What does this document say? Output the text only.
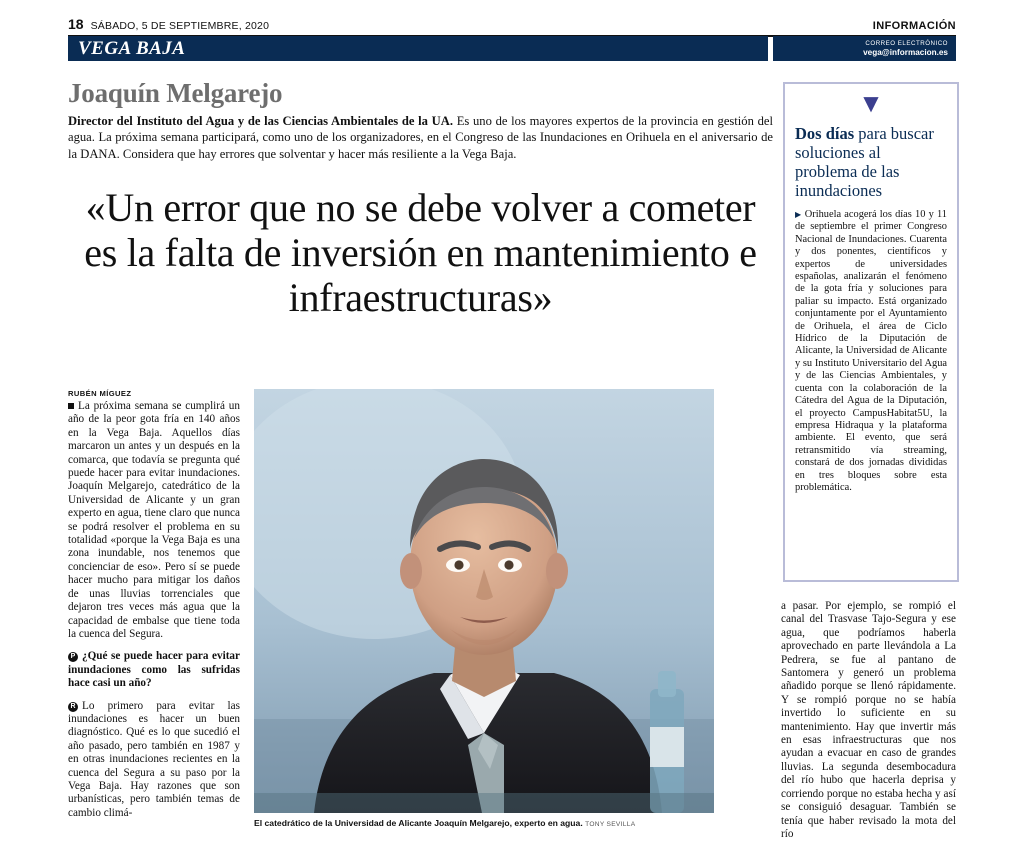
18 SÁBADO, 5 DE SEPTIEMBRE, 2020	INFORMACIÓN
VEGA BAJA	CORREO ELECTRÓNICO
vega@informacion.es
Joaquín Melgarejo
Director del Instituto del Agua y de las Ciencias Ambientales de la UA. Es uno de los mayores expertos de la provincia en gestión del agua. La próxima semana participará, como uno de los organizadores, en el Congreso de las Inundaciones en Orihuela en el aniversario de la DANA. Considera que hay errores que solventar y hacer más resiliente a la Vega Baja.
«Un error que no se debe volver a cometer es la falta de inversión en mantenimiento e infraestructuras»
RUBÉN MÍGUEZ

La próxima semana se cumplirá un año de la peor gota fría en 140 años en la Vega Baja. Aquellos días marcaron un antes y un después en la comarca, que todavía se pregunta qué puede hacer para evitar inundaciones. Joaquín Melgarejo, catedrático de la Universidad de Alicante y un gran experto en agua, tiene claro que nunca se podrá resolver el problema en su totalidad «porque la Vega Baja es una zona inundable, nos tenemos que concienciar de eso». Pero sí se puede hacer mucho para mitigar los daños de unas lluvias torrenciales que dejaron tres veces más agua que la capacidad de embalse que tiene toda la cuenca del Segura.

P ¿Qué se puede hacer para evitar inundaciones como las sufridas hace casi un año?

R Lo primero para evitar las inundaciones es hacer un buen diagnóstico. Qué es lo que sucedió el año pasado, pero también en 1987 y en otras inundaciones recientes en la cuenca del Segura a su paso por la Vega Baja. Hay razones que son urbanísticas, pero también temas de cambio climá-

El catedrático de la Universidad de Alicante Joaquín Melgarejo, experto en agua. TONY SEVILLA
▼
Dos días para buscar soluciones al problema de las inundaciones
▶ Orihuela acogerá los días 10 y 11 de septiembre el primer Congreso Nacional de Inundaciones. Cuarenta y dos ponentes, científicos y expertos de universidades españolas, analizarán el fenómeno de la gota fría y soluciones para paliar su impacto. Está organizado conjuntamente por el Ayuntamiento de Orihuela, el área de Ciclo Hídrico de la Diputación de Alicante, la Universidad de Alicante y su Instituto Universitario del Agua y de las Ciencias Ambientales, y cuenta con la colaboración de la Cátedra del Agua de la Diputación, el proyecto CampusHabitat5U, la empresa Hidraqua y la plataforma ambiente. El evento, que será retransmitido vía streaming, constará de dos jornadas divididas en tres bloques sobre esta problemática.
a pasar. Por ejemplo, se rompió el canal del Trasvase Tajo-Segura y ese agua, que podríamos haberla aprovechado en parte llevándola a La Pedrera, se fue al pantano de Santomera y generó un problema añadido porque se llenó rápidamente. Y se rompió porque no se había invertido lo suficiente en su mantenimiento. Hay que invertir más en esas infraestructuras que nos ayudan a evacuar en caso de grandes lluvias. La segunda desembocadura del río hubo que hacerla deprisa y corriendo porque no estaba hecha y así se consiguió desaguar. También se tenía que haber revisado la mota del río
